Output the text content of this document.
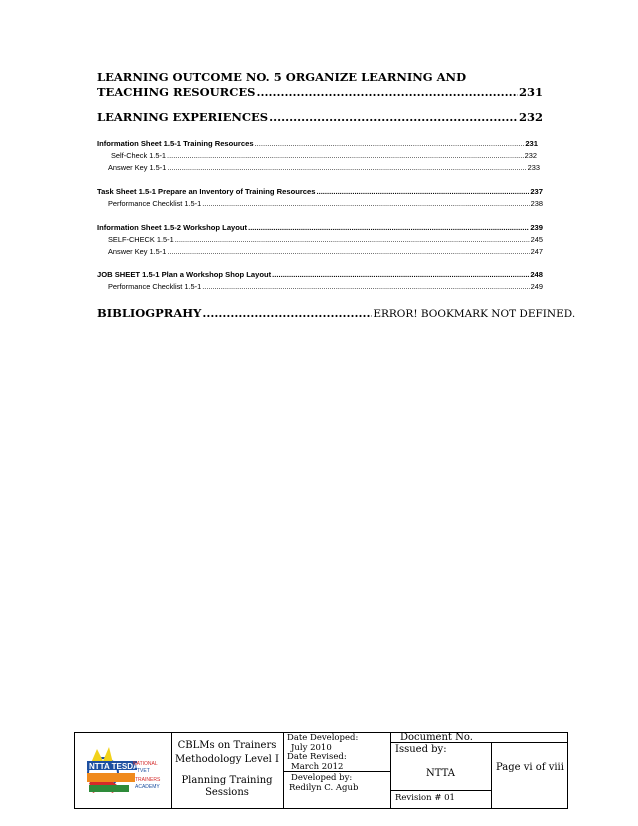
LEARNING OUTCOME NO. 5 ORGANIZE LEARNING AND
TEACHING RESOURCES .....	231
LEARNING EXPERIENCES .....	232
Information Sheet 1.5-1 Training Resources .....	231
Self-Check 1.5-1 .....	232
Answer Key 1.5-1 .....	233
Task Sheet 1.5-1 Prepare an Inventory of Training Resources .....	237
Performance Checklist 1.5-1 .....	238
Information Sheet 1.5-2 Workshop Layout .....	239
SELF-CHECK 1.5-1 .....	245
Answer Key 1.5-1 .....	247
JOB SHEET 1.5-1 Plan a Workshop Shop Layout .....	248
Performance Checklist 1.5-1 .....	249
BIBLIOGPRAHY .....	ERROR! BOOKMARK NOT DEFINED.
NTTA TESDA
NATIONAL
TVET
TRAINERS
ACADEMY
CBLMs on Trainers
Methodology Level I
Planning Training
Sessions
Date Developed:
July 2010
Date Revised:
March 2012
Developed by:
Redilyn C. Agub
Document No.
Issued by:
NTTA
Revision # 01
Page vi of viii
